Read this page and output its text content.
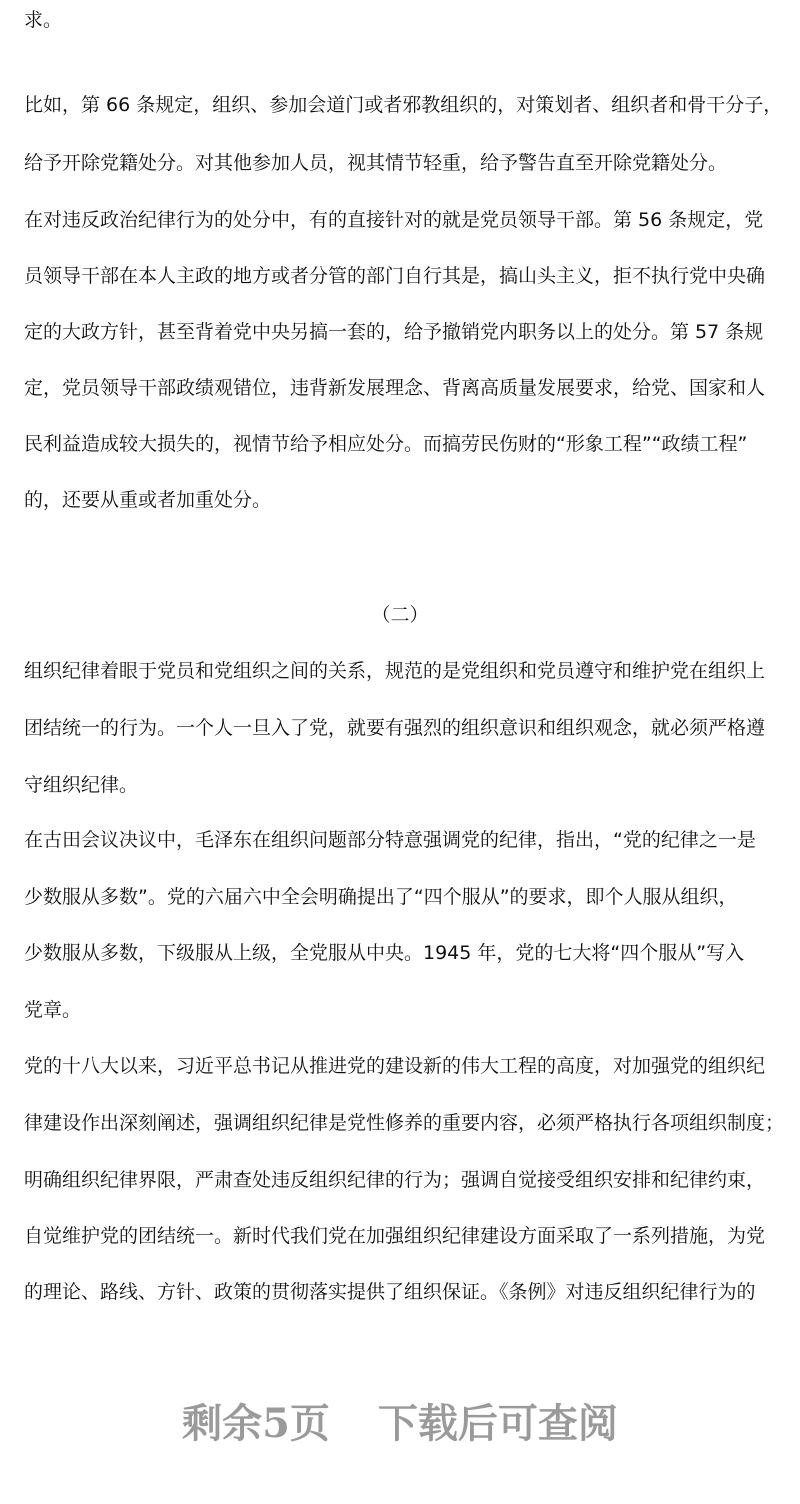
求。
比如，第 66 条规定，组织、参加会道门或者邪教组织的，对策划者、组织者和骨干分子，
给予开除党籍处分。对其他参加人员，视其情节轻重，给予警告直至开除党籍处分。
在对违反政治纪律行为的处分中，有的直接针对的就是党员领导干部。第 56 条规定，党
员领导干部在本人主政的地方或者分管的部门自行其是，搞山头主义，拒不执行党中央确
定的大政方针，甚至背着党中央另搞一套的，给予撤销党内职务以上的处分。第 57 条规
定，党员领导干部政绩观错位，违背新发展理念、背离高质量发展要求，给党、国家和人
民利益造成较大损失的，视情节给予相应处分。而搞劳民伤财的“形象工程”“政绩工程”
的，还要从重或者加重处分。
（二）
组织纪律着眼于党员和党组织之间的关系，规范的是党组织和党员遵守和维护党在组织上
团结统一的行为。一个人一旦入了党，就要有强烈的组织意识和组织观念，就必须严格遵
守组织纪律。
在古田会议决议中，毛泽东在组织问题部分特意强调党的纪律，指出，“党的纪律之一是
少数服从多数”。党的六届六中全会明确提出了“四个服从”的要求，即个人服从组织，
少数服从多数，下级服从上级，全党服从中央。1945 年，党的七大将“四个服从”写入
党章。
党的十八大以来，习近平总书记从推进党的建设新的伟大工程的高度，对加强党的组织纪
律建设作出深刻阐述，强调组织纪律是党性修养的重要内容，必须严格执行各项组织制度；
明确组织纪律界限，严肃查处违反组织纪律的行为；强调自觉接受组织安排和纪律约束，
自觉维护党的团结统一。新时代我们党在加强组织纪律建设方面采取了一系列措施，为党
的理论、路线、方针、政策的贯彻落实提供了组织保证。《条例》对违反组织纪律行为的
剩余5页 下载后可查阅
